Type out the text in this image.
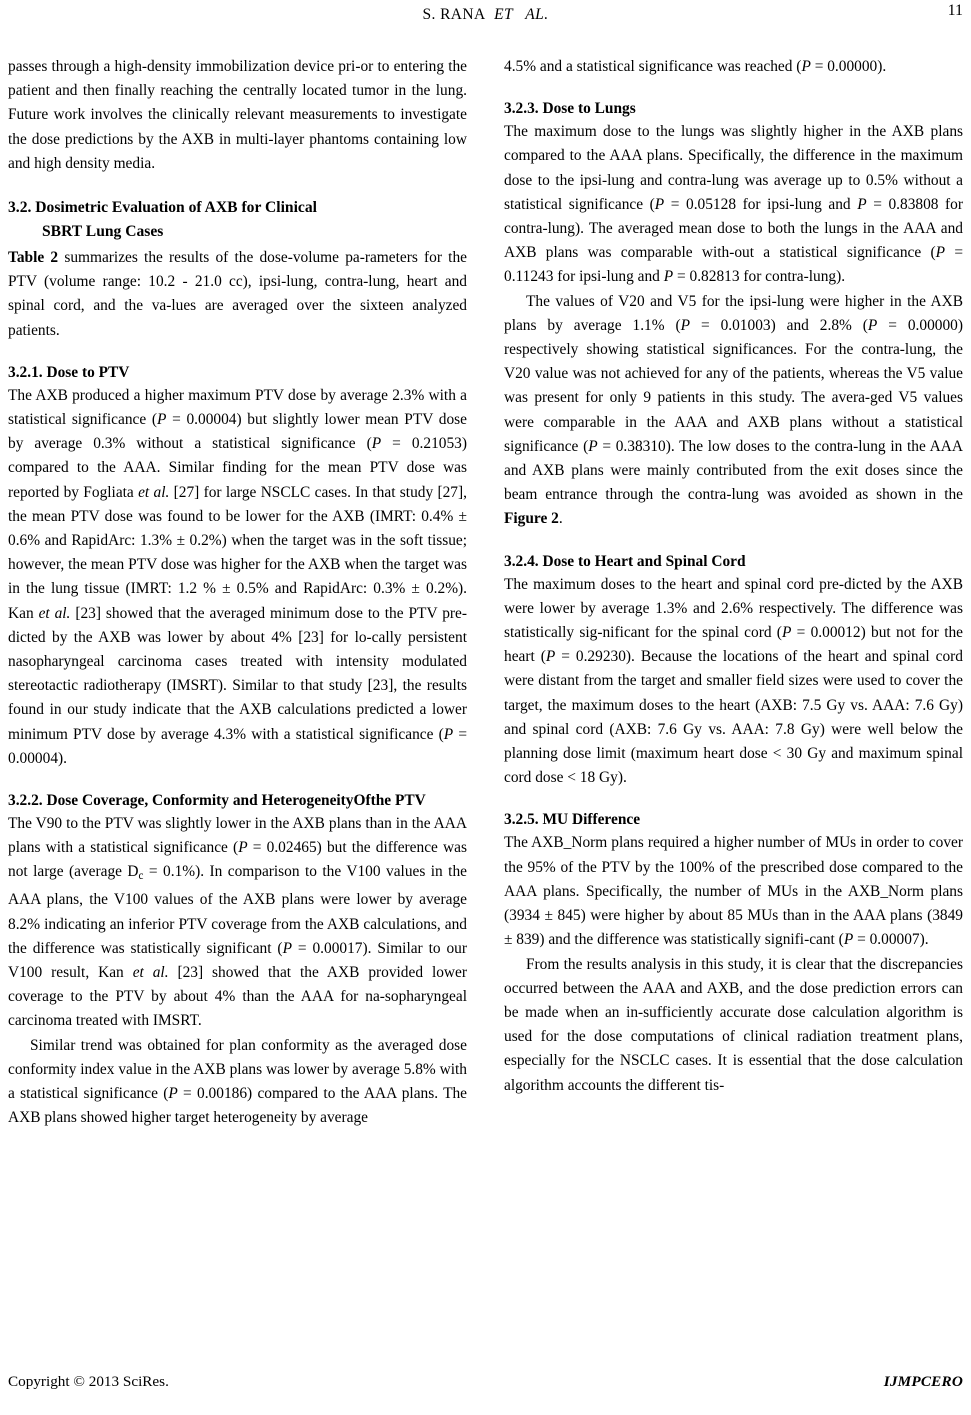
S. RANA ET   AL.	11

passes through a high-density immobilization device pri-or to entering the patient and then finally reaching the centrally located tumor in the lung. Future work involves the clinically relevant measurements to investigate the dose predictions by the AXB in multi-layer phantoms containing low and high density media.

3.2. Dosimetric Evaluation of AXB for Clinical
SBRT Lung Cases

Table 2 summarizes the results of the dose-volume pa-rameters for the PTV (volume range: 10.2 - 21.0 cc), ipsi-lung, contra-lung, heart and spinal cord, and the va-lues are averaged over the sixteen analyzed patients.

3.2.1. Dose to PTV

The AXB produced a higher maximum PTV dose by average 2.3% with a statistical significance (P = 0.00004) but slightly lower mean PTV dose by average 0.3% without a statistical significance (P = 0.21053) compared to the AAA. Similar finding for the mean PTV dose was reported by Fogliata et al. [27] for large NSCLC cases. In that study [27], the mean PTV dose was found to be lower for the AXB (IMRT: 0.4% ± 0.6% and RapidArc: 1.3% ± 0.2%) when the target was in the soft tissue; however, the mean PTV dose was higher for the AXB when the target was in the lung tissue (IMRT: 1.2 % ± 0.5% and RapidArc: 0.3% ± 0.2%). Kan et al. [23] showed that the averaged minimum dose to the PTV pre-dicted by the AXB was lower by about 4% [23] for lo-cally persistent nasopharyngeal carcinoma cases treated with intensity modulated stereotactic radiotherapy (IMSRT). Similar to that study [23], the results found in our study indicate that the AXB calculations predicted a lower minimum PTV dose by average 4.3% with a statistical significance (P = 0.00004).

3.2.2. Dose Coverage, Conformity and HeterogeneityOfthe PTV

The V90 to the PTV was slightly lower in the AXB plans than in the AAA plans with a statistical significance (P = 0.02465) but the difference was not large (average $D_c = 0.1\%$). In comparison to the V100 values in the AAA plans, the V100 values of the AXB plans were lower by average 8.2% indicating an inferior PTV coverage from the AXB calculations, and the difference was statistically significant (P = 0.00017). Similar to our V100 result, Kan et al. [23] showed that the AXB provided lower coverage to the PTV by about 4% than the AAA for na-sopharyngeal carcinoma treated with IMSRT.

Similar trend was obtained for plan conformity as the averaged dose conformity index value in the AXB plans was lower by average 5.8% with a statistical significance (P = 0.00186) compared to the AAA plans. The AXB plans showed higher target heterogeneity by average

4.5% and a statistical significance was reached (P = 0.00000).

3.2.3. Dose to Lungs

The maximum dose to the lungs was slightly higher in the AXB plans compared to the AAA plans. Specifically, the difference in the maximum dose to the ipsi-lung and contra-lung was average up to 0.5% without a statistical significance (P = 0.05128 for ipsi-lung and P = 0.83808 for contra-lung). The averaged mean dose to both the lungs in the AAA and AXB plans was comparable with-out a statistical significance (P = 0.11243 for ipsi-lung and P = 0.82813 for contra-lung).

The values of V20 and V5 for the ipsi-lung were higher in the AXB plans by average 1.1% (P = 0.01003) and 2.8% (P = 0.00000) respectively showing statistical significances. For the contra-lung, the V20 value was not achieved for any of the patients, whereas the V5 value was present for only 9 patients in this study. The avera-ged V5 values were comparable in the AAA and AXB plans without a statistical significance (P = 0.38310). The low doses to the contra-lung in the AAA and AXB plans were mainly contributed from the exit doses since the beam entrance through the contra-lung was avoided as shown in the Figure 2.

3.2.4. Dose to Heart and Spinal Cord

The maximum doses to the heart and spinal cord pre-dicted by the AXB were lower by average 1.3% and 2.6% respectively. The difference was statistically sig-nificant for the spinal cord (P = 0.00012) but not for the heart (P = 0.29230). Because the locations of the heart and spinal cord were distant from the target and smaller field sizes were used to cover the target, the maximum doses to the heart (AXB: 7.5 Gy vs. AAA: 7.6 Gy) and spinal cord (AXB: 7.6 Gy vs. AAA: 7.8 Gy) were well below the planning dose limit (maximum heart dose < 30 Gy and maximum spinal cord dose < 18 Gy).

3.2.5. MU Difference

The AXB_Norm plans required a higher number of MUs in order to cover the 95% of the PTV by the 100% of the prescribed dose compared to the AAA plans. Specifically, the number of MUs in the AXB_Norm plans (3934 ± 845) were higher by about 85 MUs than in the AAA plans (3849 ± 839) and the difference was statistically signifi-cant (P = 0.00007).

From the results analysis in this study, it is clear that the discrepancies occurred between the AAA and AXB, and the dose prediction errors can be made when an in-sufficiently accurate dose calculation algorithm is used for the dose computations of clinical radiation treatment plans, especially for the NSCLC cases. It is essential that the dose calculation algorithm accounts the different tis-

Copyright © 2013 SciRes.	IJMPCERO
